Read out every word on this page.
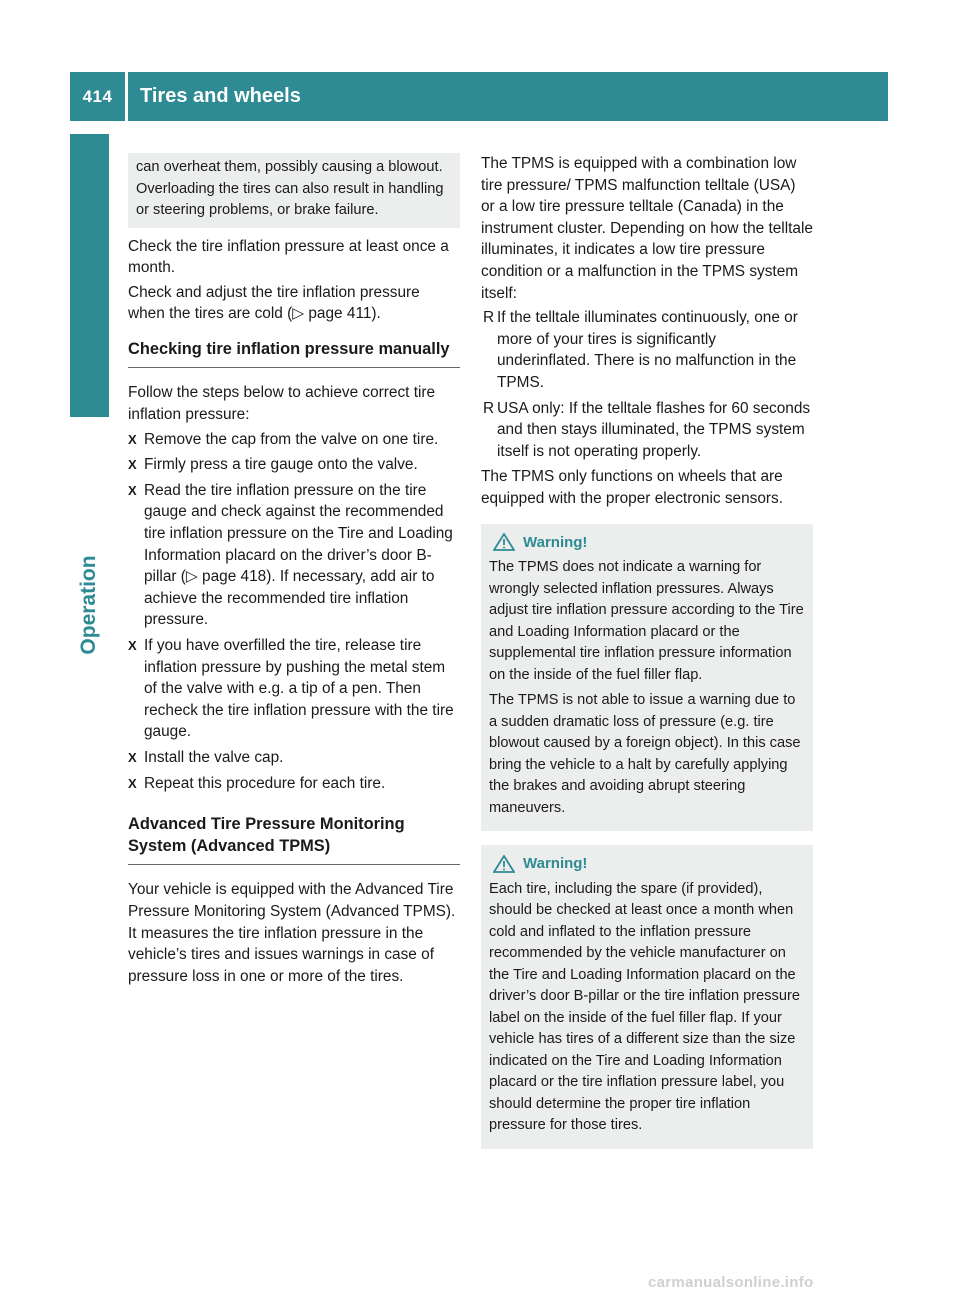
414	Tires and wheels
Operation
can overheat them, possibly causing a blowout. Overloading the tires can also result in handling or steering problems, or brake failure.

Check the tire inflation pressure at least once a month.

Check and adjust the tire inflation pressure when the tires are cold (▷ page 411).

Checking tire inflation pressure manually

Follow the steps below to achieve correct tire inflation pressure:

X Remove the cap from the valve on one tire.
X Firmly press a tire gauge onto the valve.
X Read the tire inflation pressure on the tire gauge and check against the recommended tire inflation pressure on the Tire and Loading Information placard on the driver’s door B-pillar (▷ page 418). If necessary, add air to achieve the recommended tire inflation pressure.
X If you have overfilled the tire, release tire inflation pressure by pushing the metal stem of the valve with e.g. a tip of a pen. Then recheck the tire inflation pressure with the tire gauge.
X Install the valve cap.
X Repeat this procedure for each tire.
Advanced Tire Pressure Monitoring System (Advanced TPMS)

Your vehicle is equipped with the Advanced Tire Pressure Monitoring System (Advanced TPMS). It measures the tire inflation pressure in the vehicle’s tires and issues warnings in case of pressure loss in one or more of the tires.

The TPMS is equipped with a combination low tire pressure/ TPMS malfunction telltale (USA) or a low tire pressure telltale (Canada) in the instrument cluster. Depending on how the telltale illuminates, it indicates a low tire pressure condition or a malfunction in the TPMS system itself:

R If the telltale illuminates continuously, one or more of your tires is significantly underinflated. There is no malfunction in the TPMS.
R USA only: If the telltale flashes for 60 seconds and then stays illuminated, the TPMS system itself is not operating properly.

The TPMS only functions on wheels that are equipped with the proper electronic sensors.

Warning!

The TPMS does not indicate a warning for wrongly selected inflation pressures. Always adjust tire inflation pressure according to the Tire and Loading Information placard or the supplemental tire inflation pressure information on the inside of the fuel filler flap.

The TPMS is not able to issue a warning due to a sudden dramatic loss of pressure (e.g. tire blowout caused by a foreign object). In this case bring the vehicle to a halt by carefully applying the brakes and avoiding abrupt steering maneuvers.

Warning!

Each tire, including the spare (if provided), should be checked at least once a month when cold and inflated to the inflation pressure recommended by the vehicle manufacturer on the Tire and Loading Information placard on the driver’s door B-pillar or the tire inflation pressure label on the inside of the fuel filler flap. If your vehicle has tires of a different size than the size indicated on the Tire and Loading Information placard or the tire inflation pressure label, you should determine the proper tire inflation pressure for those tires.

carmanualsonline.info
